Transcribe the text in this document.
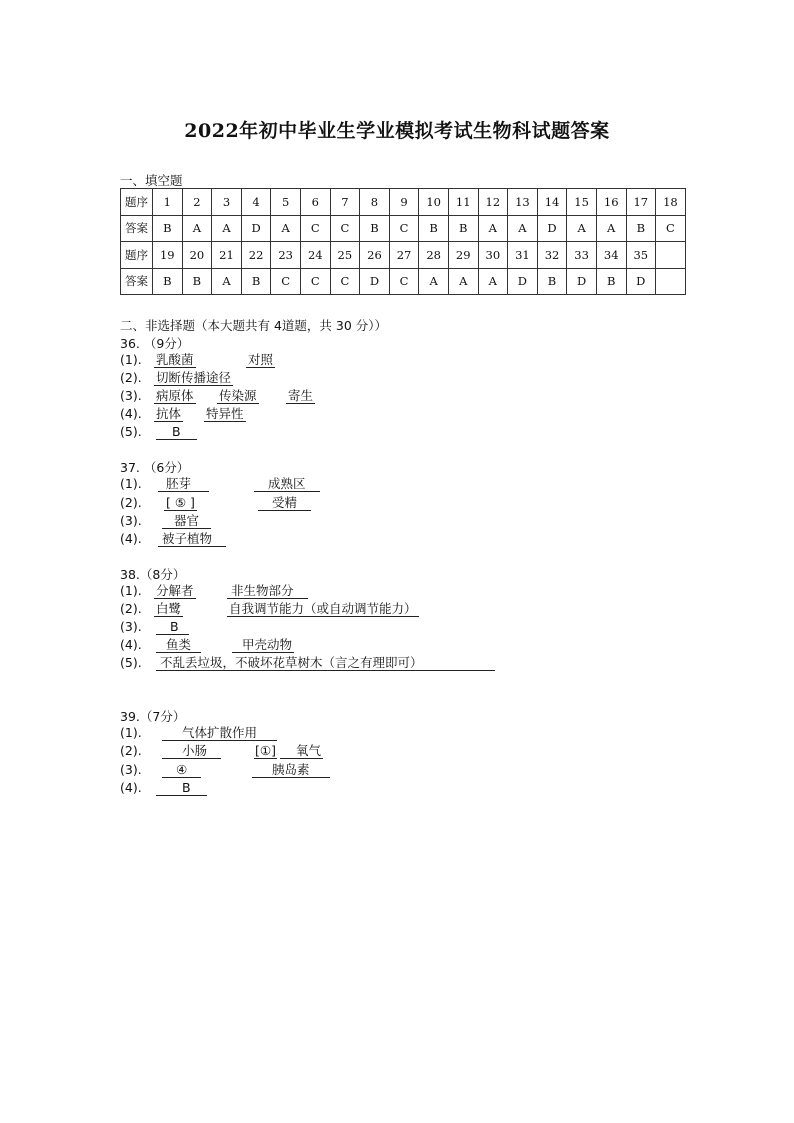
2022年初中毕业生学业模拟考试生物科试题答案
一、填空题
题序	1	2	3	4	5	6	7	8	9	10	11	12	13	14	15	16	17	18
答案	B	A	A	D	A	C	C	B	C	B	B	A	A	D	A	A	B	C
题序	19	20	21	22	23	24	25	26	27	28	29	30	31	32	33	34	35	
答案	B	B	A	B	C	C	C	D	C	A	A	A	D	B	D	B	D	
二、非选择题（本大题共有 4道题，共 30 分））
36. （9分）
(1). 乳酸菌	对照
(2). 切断传播途径
(3). 病原体 传染源	寄生
(4). 抗体 特异性
(5).	B
37. （6分）
(1).	胚芽	成熟区
(2). [ ⑤ ]	受精
(3).	器官
(4).	被子植物
38.（8分）
(1). 分解者	非生物部分
(2). 白鹭	自我调节能力（或自动调节能力）
(3).	B
(4).	鱼类	甲壳动物
(5).	不乱丢垃圾，不破坏花草树木（言之有理即可）
39.（7分）
(1).	气体扩散作用
(2).	小肠	[①]	氧气
(3).	④	胰岛素
(4).	B
